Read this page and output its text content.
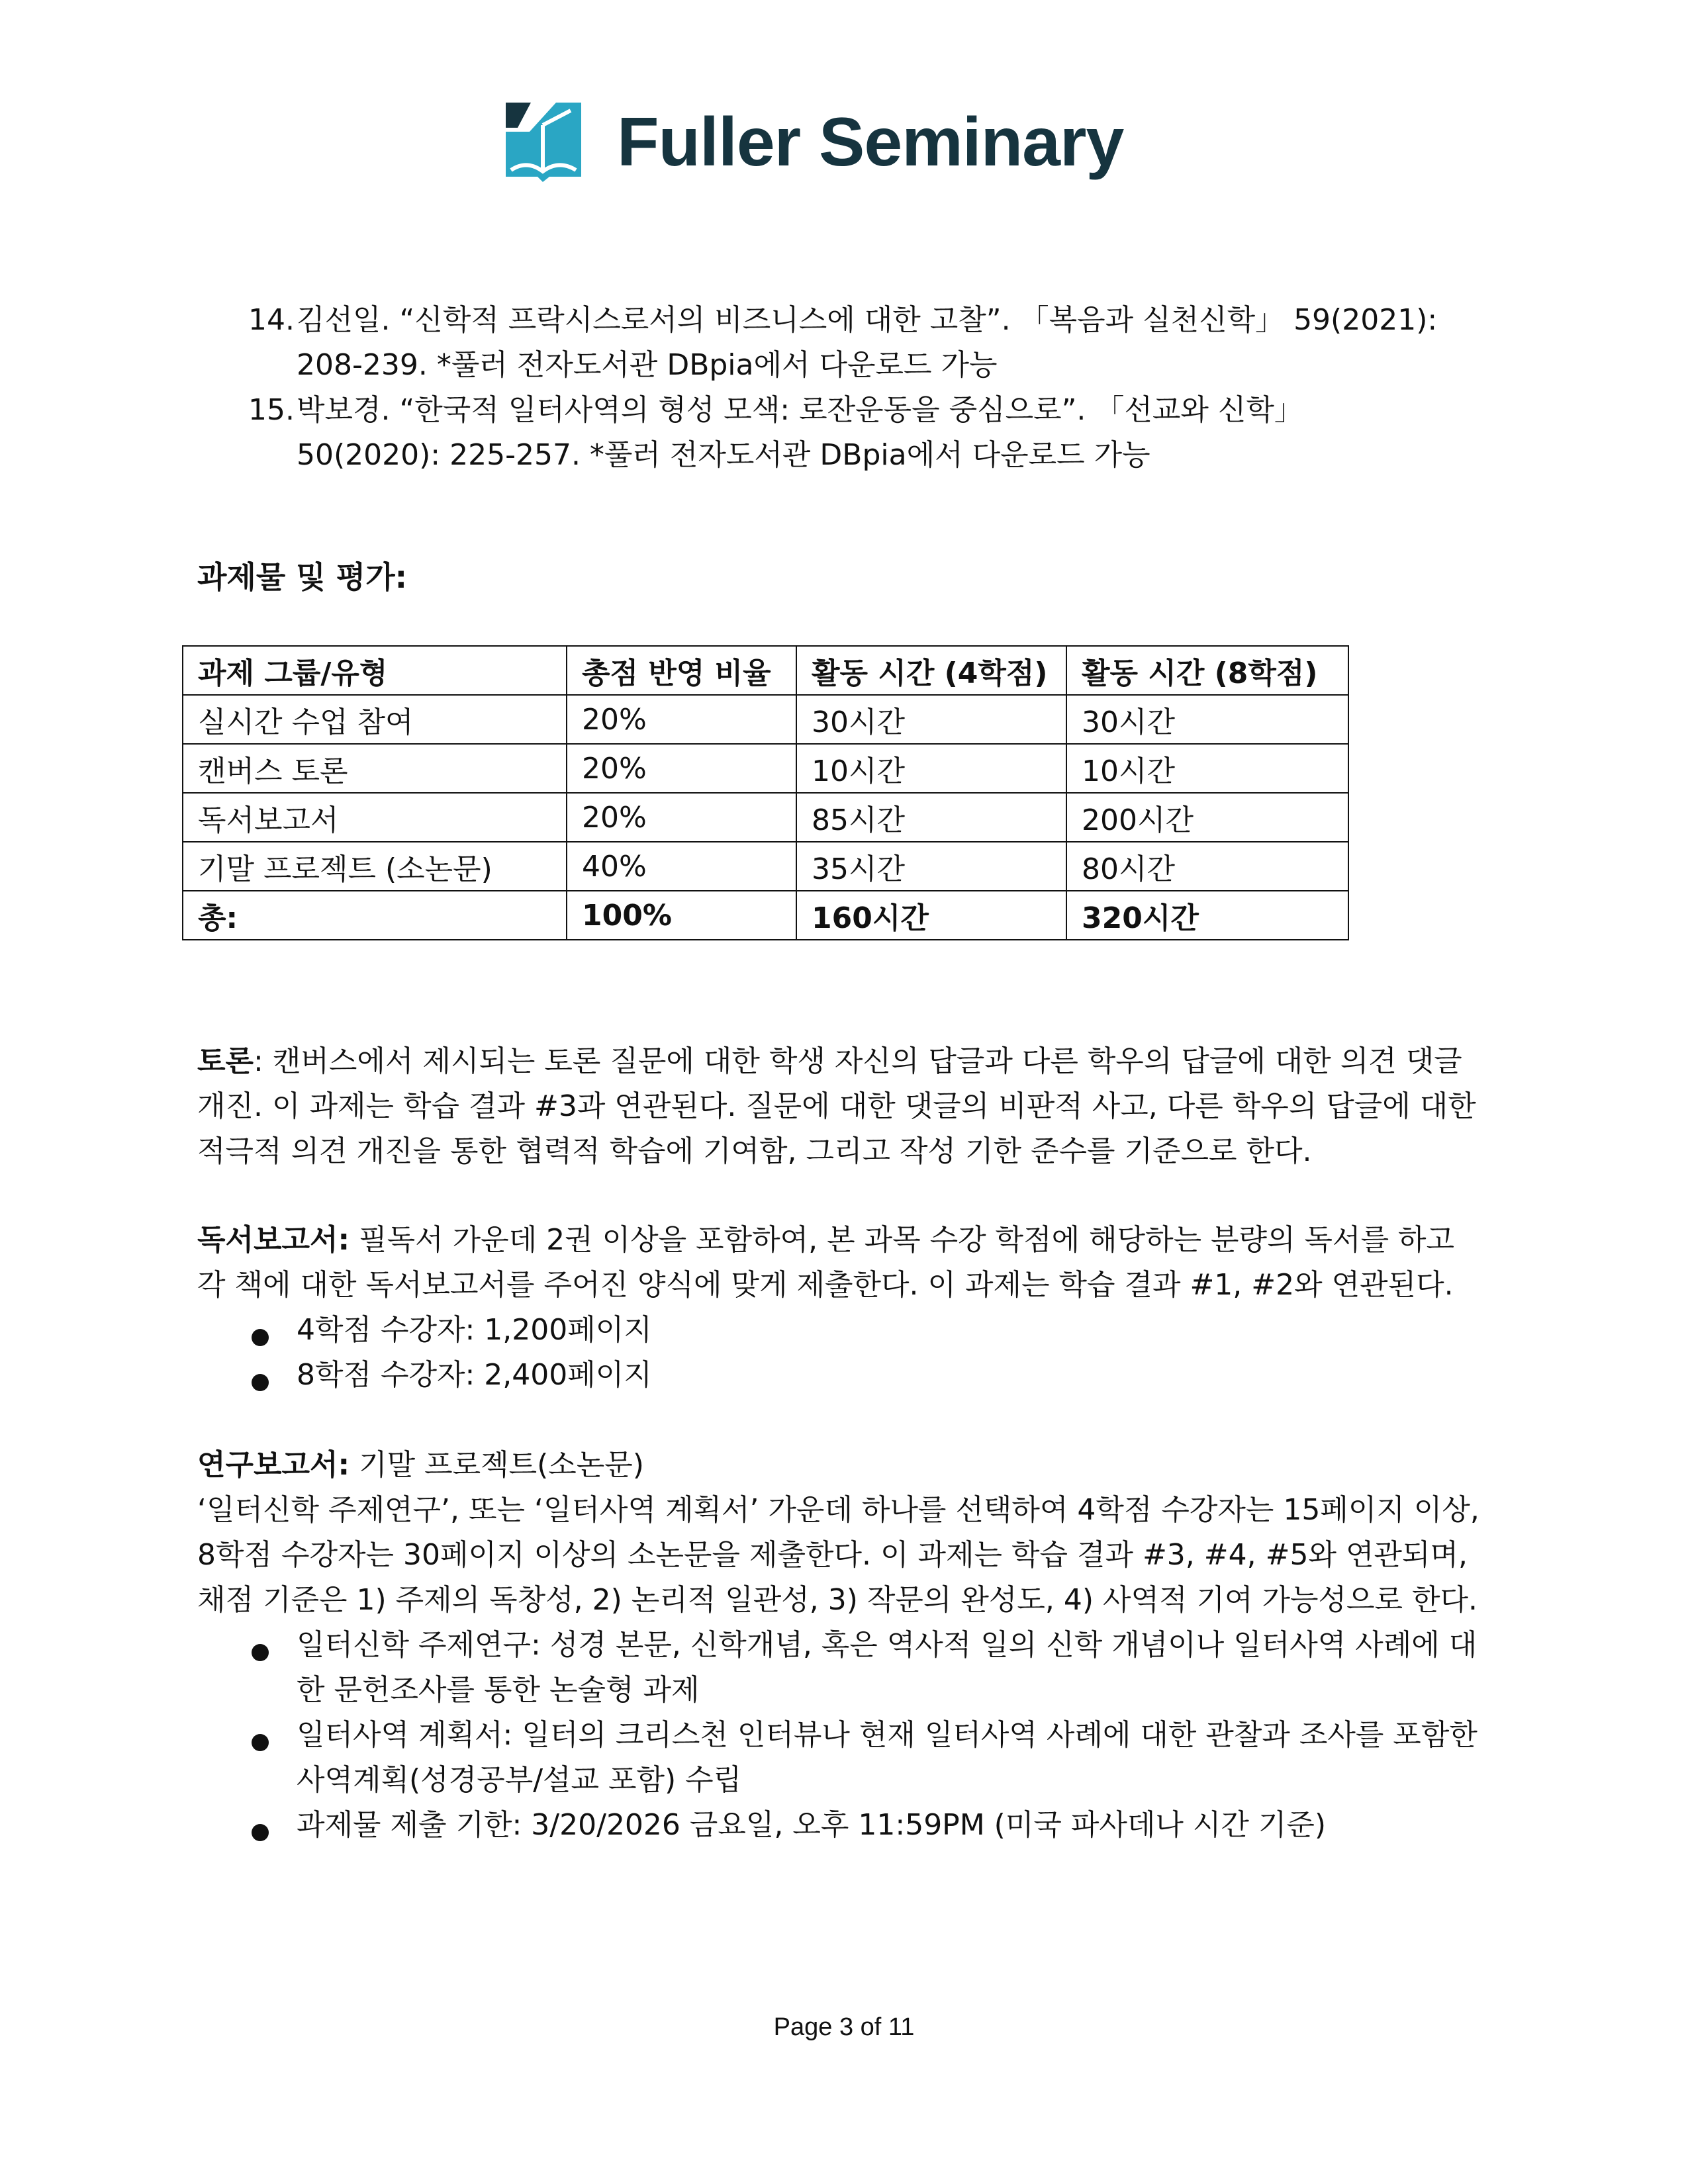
Fuller Seminary
14. 김선일. “신학적 프락시스로서의 비즈니스에 대한 고찰”. 「복음과 실천신학」 59(2021):
208-239. *풀러 전자도서관 DBpia에서 다운로드 가능
15. 박보경. “한국적 일터사역의 형성 모색: 로잔운동을 중심으로”. 「선교와 신학」
50(2020): 225-257. *풀러 전자도서관 DBpia에서 다운로드 가능
과제물 및 평가:
과제 그룹/유형	총점 반영 비율	활동 시간 (4학점)	활동 시간 (8학점)
실시간 수업 참여	20%	30시간	30시간
캔버스 토론	20%	10시간	10시간
독서보고서	20%	85시간	200시간
기말 프로젝트 (소논문)	40%	35시간	80시간
총:	100%	160시간	320시간
토론: 캔버스에서 제시되는 토론 질문에 대한 학생 자신의 답글과 다른 학우의 답글에 대한 의견 댓글
개진. 이 과제는 학습 결과 #3과 연관된다. 질문에 대한 댓글의 비판적 사고, 다른 학우의 답글에 대한
적극적 의견 개진을 통한 협력적 학습에 기여함, 그리고 작성 기한 준수를 기준으로 한다.
독서보고서: 필독서 가운데 2권 이상을 포함하여, 본 과목 수강 학점에 해당하는 분량의 독서를 하고
각 책에 대한 독서보고서를 주어진 양식에 맞게 제출한다. 이 과제는 학습 결과 #1, #2와 연관된다.
4학점 수강자: 1,200페이지
8학점 수강자: 2,400페이지
연구보고서: 기말 프로젝트(소논문)
‘일터신학 주제연구’, 또는 ‘일터사역 계획서’ 가운데 하나를 선택하여 4학점 수강자는 15페이지 이상,
8학점 수강자는 30페이지 이상의 소논문을 제출한다. 이 과제는 학습 결과 #3, #4, #5와 연관되며,
채점 기준은 1) 주제의 독창성, 2) 논리적 일관성, 3) 작문의 완성도, 4) 사역적 기여 가능성으로 한다.
일터신학 주제연구: 성경 본문, 신학개념, 혹은 역사적 일의 신학 개념이나 일터사역 사례에 대
한 문헌조사를 통한 논술형 과제
일터사역 계획서: 일터의 크리스천 인터뷰나 현재 일터사역 사례에 대한 관찰과 조사를 포함한
사역계획(성경공부/설교 포함) 수립
과제물 제출 기한: 3/20/2026 금요일, 오후 11:59PM (미국 파사데나 시간 기준)
Page 3 of 11
